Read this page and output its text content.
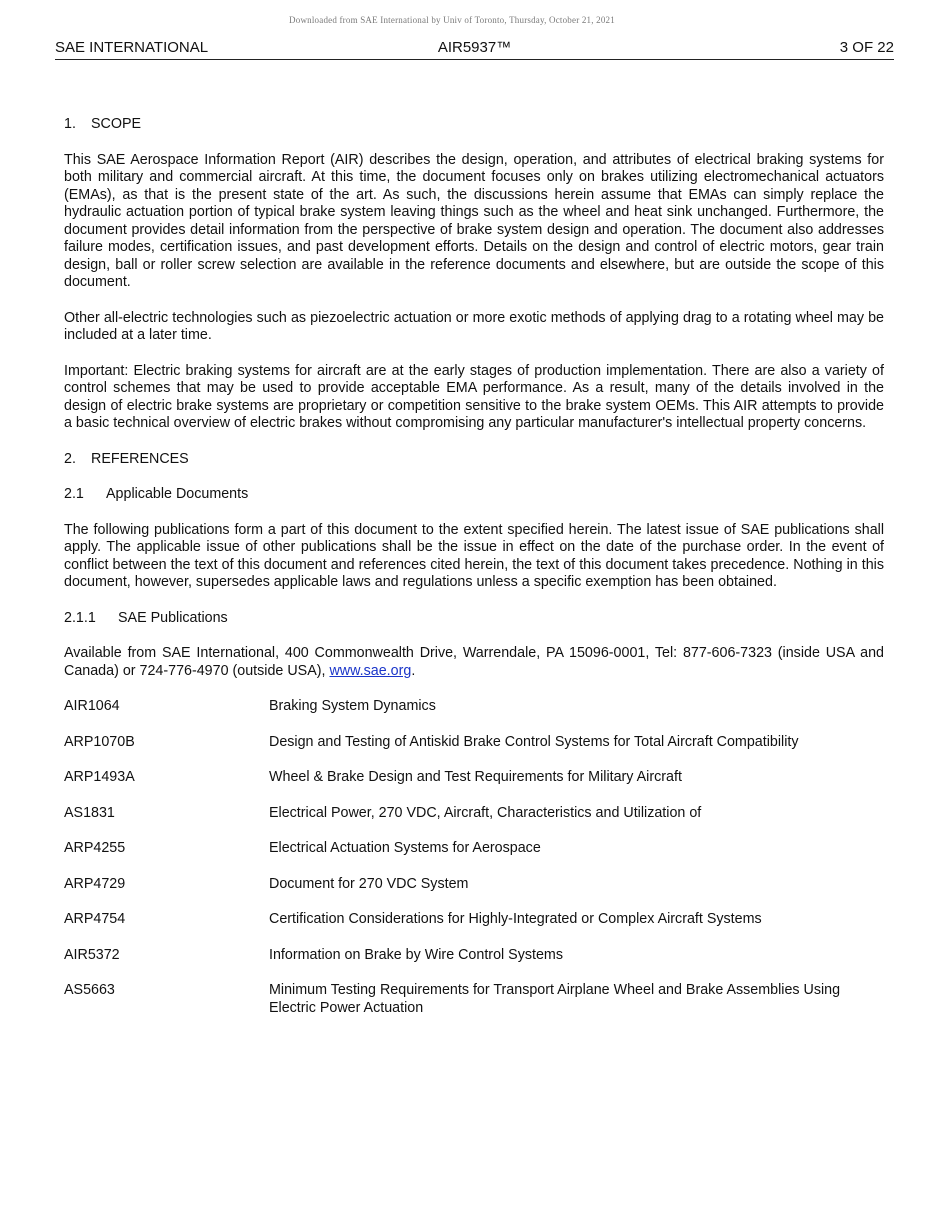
Downloaded from SAE International by Univ of Toronto, Thursday, October 21, 2021
SAE INTERNATIONAL	AIR5937™	3 OF 22

1. SCOPE

This SAE Aerospace Information Report (AIR) describes the design, operation, and attributes of electrical braking systems for both military and commercial aircraft. At this time, the document focuses only on brakes utilizing electromechanical actuators (EMAs), as that is the present state of the art. As such, the discussions herein assume that EMAs can simply replace the hydraulic actuation portion of typical brake system leaving things such as the wheel and heat sink unchanged. Furthermore, the document provides detail information from the perspective of brake system design and operation. The document also addresses failure modes, certification issues, and past development efforts. Details on the design and control of electric motors, gear train design, ball or roller screw selection are available in the reference documents and elsewhere, but are outside the scope of this document.

Other all-electric technologies such as piezoelectric actuation or more exotic methods of applying drag to a rotating wheel may be included at a later time.

Important: Electric braking systems for aircraft are at the early stages of production implementation. There are also a variety of control schemes that may be used to provide acceptable EMA performance. As a result, many of the details involved in the design of electric brake systems are proprietary or competition sensitive to the brake system OEMs. This AIR attempts to provide a basic technical overview of electric brakes without compromising any particular manufacturer's intellectual property concerns.

2. REFERENCES

2.1 Applicable Documents

The following publications form a part of this document to the extent specified herein. The latest issue of SAE publications shall apply. The applicable issue of other publications shall be the issue in effect on the date of the purchase order. In the event of conflict between the text of this document and references cited herein, the text of this document takes precedence. Nothing in this document, however, supersedes applicable laws and regulations unless a specific exemption has been obtained.

2.1.1 SAE Publications

Available from SAE International, 400 Commonwealth Drive, Warrendale, PA 15096-0001, Tel: 877-606-7323 (inside USA and Canada) or 724-776-4970 (outside USA), www.sae.org.

AIR1064	Braking System Dynamics
ARP1070B	Design and Testing of Antiskid Brake Control Systems for Total Aircraft Compatibility
ARP1493A	Wheel & Brake Design and Test Requirements for Military Aircraft
AS1831	Electrical Power, 270 VDC, Aircraft, Characteristics and Utilization of
ARP4255	Electrical Actuation Systems for Aerospace
ARP4729	Document for 270 VDC System
ARP4754	Certification Considerations for Highly-Integrated or Complex Aircraft Systems
AIR5372	Information on Brake by Wire Control Systems
AS5663	Minimum Testing Requirements for Transport Airplane Wheel and Brake Assemblies Using Electric Power Actuation
